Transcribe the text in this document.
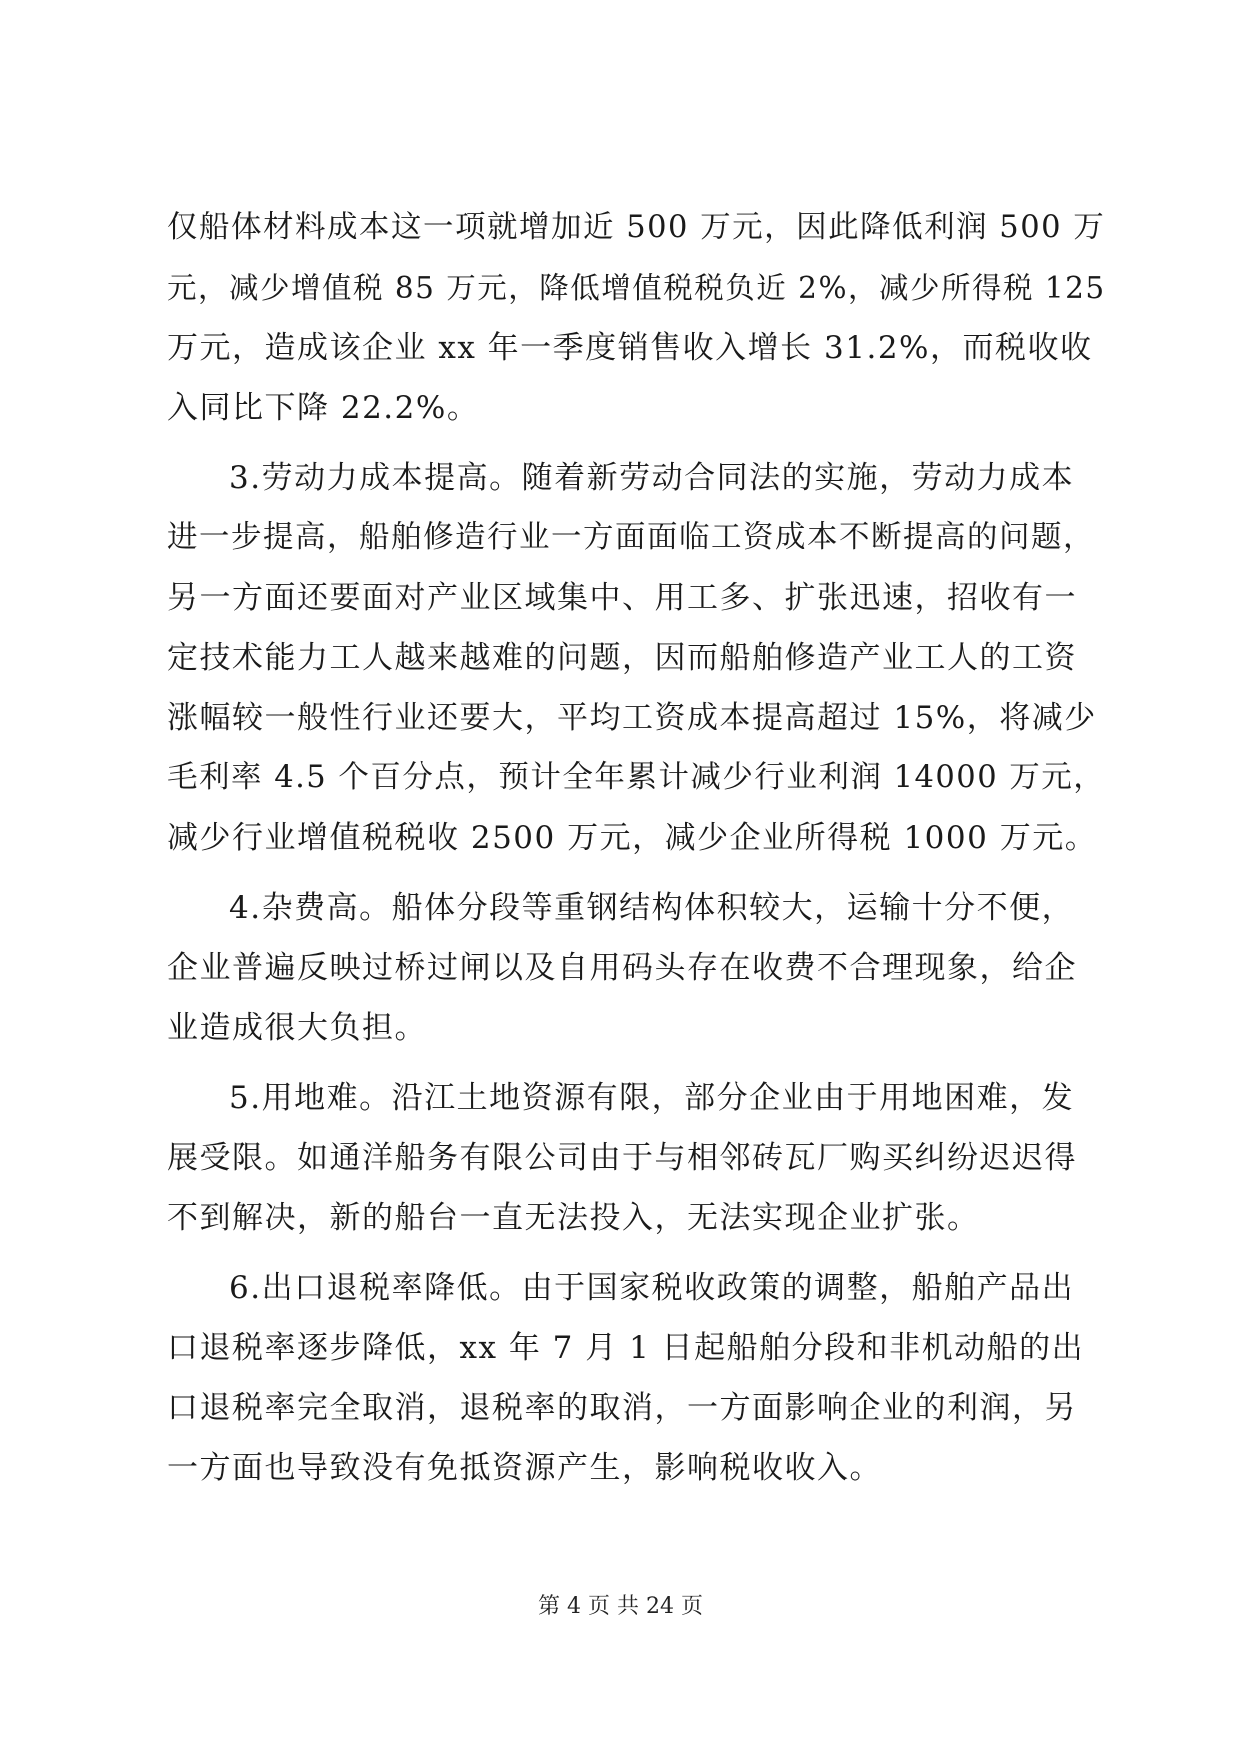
仅船体材料成本这一项就增加近 500 万元，因此降低利润 500 万
元，减少增值税 85 万元，降低增值税税负近 2%，减少所得税 125
万元，造成该企业 xx 年一季度销售收入增长 31.2%，而税收收
入同比下降 22.2%。
3.劳动力成本提高。随着新劳动合同法的实施，劳动力成本
进一步提高，船舶修造行业一方面面临工资成本不断提高的问题，
另一方面还要面对产业区域集中、用工多、扩张迅速，招收有一
定技术能力工人越来越难的问题，因而船舶修造产业工人的工资
涨幅较一般性行业还要大，平均工资成本提高超过 15%，将减少
毛利率 4.5 个百分点，预计全年累计减少行业利润 14000 万元，
减少行业增值税税收 2500 万元，减少企业所得税 1000 万元。
4.杂费高。船体分段等重钢结构体积较大，运输十分不便，
企业普遍反映过桥过闸以及自用码头存在收费不合理现象，给企
业造成很大负担。
5.用地难。沿江土地资源有限，部分企业由于用地困难，发
展受限。如通洋船务有限公司由于与相邻砖瓦厂购买纠纷迟迟得
不到解决，新的船台一直无法投入，无法实现企业扩张。
6.出口退税率降低。由于国家税收政策的调整，船舶产品出
口退税率逐步降低，xx 年 7 月 1 日起船舶分段和非机动船的出
口退税率完全取消，退税率的取消，一方面影响企业的利润，另
一方面也导致没有免抵资源产生，影响税收收入。
第 4 页 共 24 页
